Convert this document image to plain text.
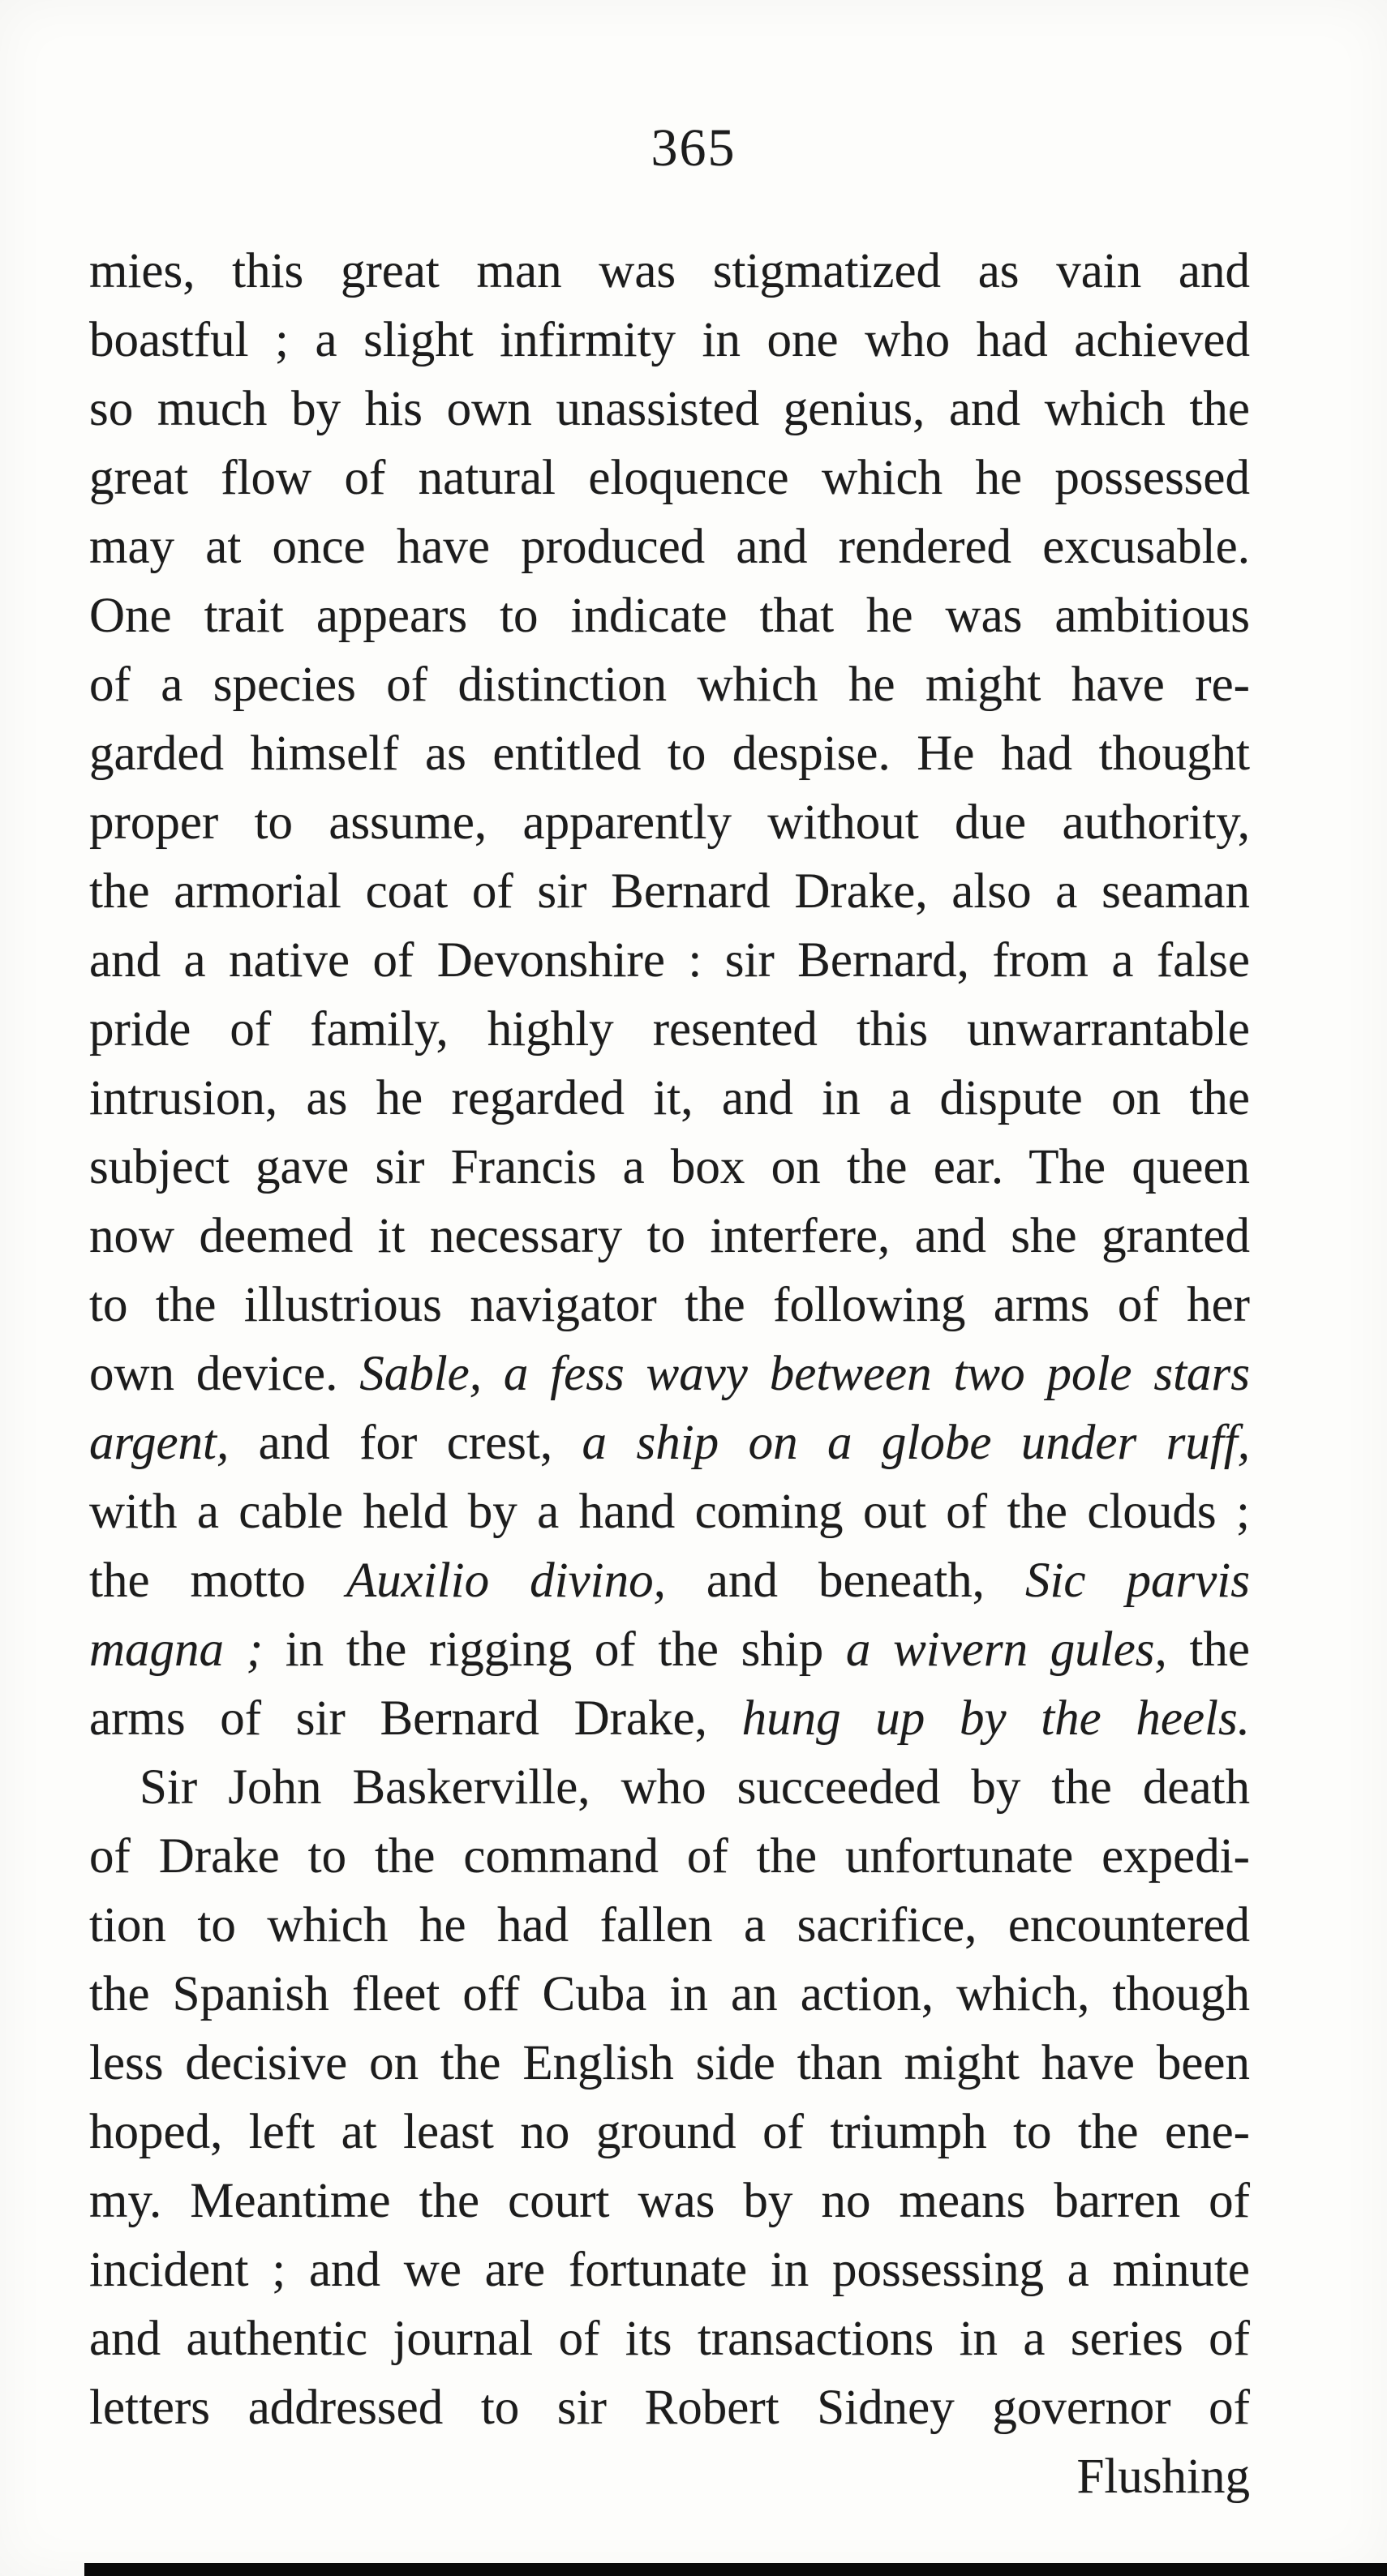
365
mies, this great man was stigmatized as vain and
boastful ; a slight infirmity in one who had achieved
so much by his own unassisted genius, and which the
great flow of natural eloquence which he possessed
may at once have produced and rendered excusable.
One trait appears to indicate that he was ambitious
of a species of distinction which he might have re-
garded himself as entitled to despise. He had thought
proper to assume, apparently without due authority,
the armorial coat of sir Bernard Drake, also a seaman
and a native of Devonshire : sir Bernard, from a false
pride of family, highly resented this unwarrantable
intrusion, as he regarded it, and in a dispute on the
subject gave sir Francis a box on the ear. The queen
now deemed it necessary to interfere, and she granted
to the illustrious navigator the following arms of her
own device. Sable, a fess wavy between two pole stars
argent, and for crest, a ship on a globe under ruff,
with a cable held by a hand coming out of the clouds ;
the motto Auxilio divino, and beneath, Sic parvis
magna ; in the rigging of the ship a wivern gules, the
arms of sir Bernard Drake, hung up by the heels.
Sir John Baskerville, who succeeded by the death
of Drake to the command of the unfortunate expedi-
tion to which he had fallen a sacrifice, encountered
the Spanish fleet off Cuba in an action, which, though
less decisive on the English side than might have been
hoped, left at least no ground of triumph to the ene-
my. Meantime the court was by no means barren of
incident ; and we are fortunate in possessing a minute
and authentic journal of its transactions in a series of
letters addressed to sir Robert Sidney governor of
Flushing
